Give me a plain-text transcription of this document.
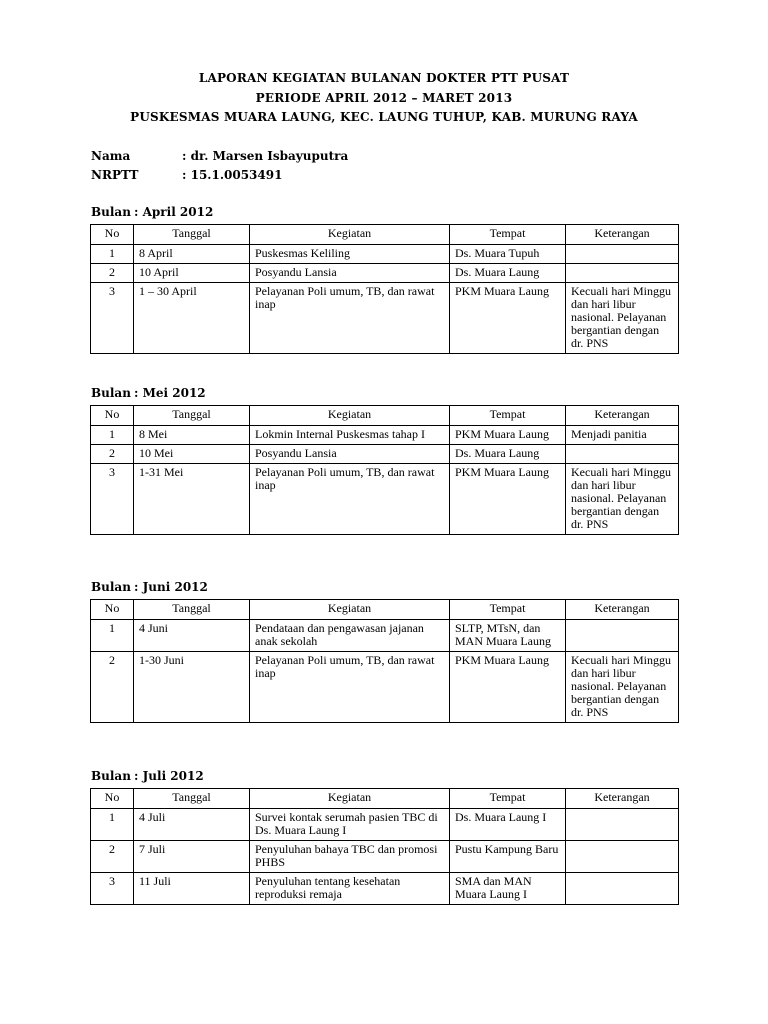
LAPORAN KEGIATAN BULANAN DOKTER PTT PUSAT
PERIODE APRIL 2012 – MARET 2013
PUSKESMAS MUARA LAUNG, KEC. LAUNG TUHUP, KAB. MURUNG RAYA
Nama	: dr. Marsen Isbayuputra
NRPTT	: 15.1.0053491
Bulan : April 2012
No	Tanggal	Kegiatan	Tempat	Keterangan
1	8 April	Puskesmas Keliling	Ds. Muara Tupuh	
2	10 April	Posyandu Lansia	Ds. Muara Laung	
3	1 – 30 April	Pelayanan Poli umum, TB, dan rawat inap	PKM Muara Laung	Kecuali hari Minggu dan hari libur nasional. Pelayanan bergantian dengan dr. PNS
Bulan : Mei 2012
No	Tanggal	Kegiatan	Tempat	Keterangan
1	8 Mei	Lokmin Internal Puskesmas tahap I	PKM Muara Laung	Menjadi panitia
2	10 Mei	Posyandu Lansia	Ds. Muara Laung	
3	1-31 Mei	Pelayanan Poli umum, TB, dan rawat inap	PKM Muara Laung	Kecuali hari Minggu dan hari libur nasional. Pelayanan bergantian dengan dr. PNS
Bulan : Juni 2012
No	Tanggal	Kegiatan	Tempat	Keterangan
1	4 Juni	Pendataan dan pengawasan jajanan anak sekolah	SLTP, MTsN, dan MAN Muara Laung	
2	1-30 Juni	Pelayanan Poli umum, TB, dan rawat inap	PKM Muara Laung	Kecuali hari Minggu dan hari libur nasional. Pelayanan bergantian dengan dr. PNS
Bulan : Juli 2012
No	Tanggal	Kegiatan	Tempat	Keterangan
1	4 Juli	Survei kontak serumah pasien TBC di Ds. Muara Laung I	Ds. Muara Laung I	
2	7 Juli	Penyuluhan bahaya TBC dan promosi PHBS	Pustu Kampung Baru	
3	11 Juli	Penyuluhan tentang kesehatan reproduksi remaja	SMA dan MAN Muara Laung I	
